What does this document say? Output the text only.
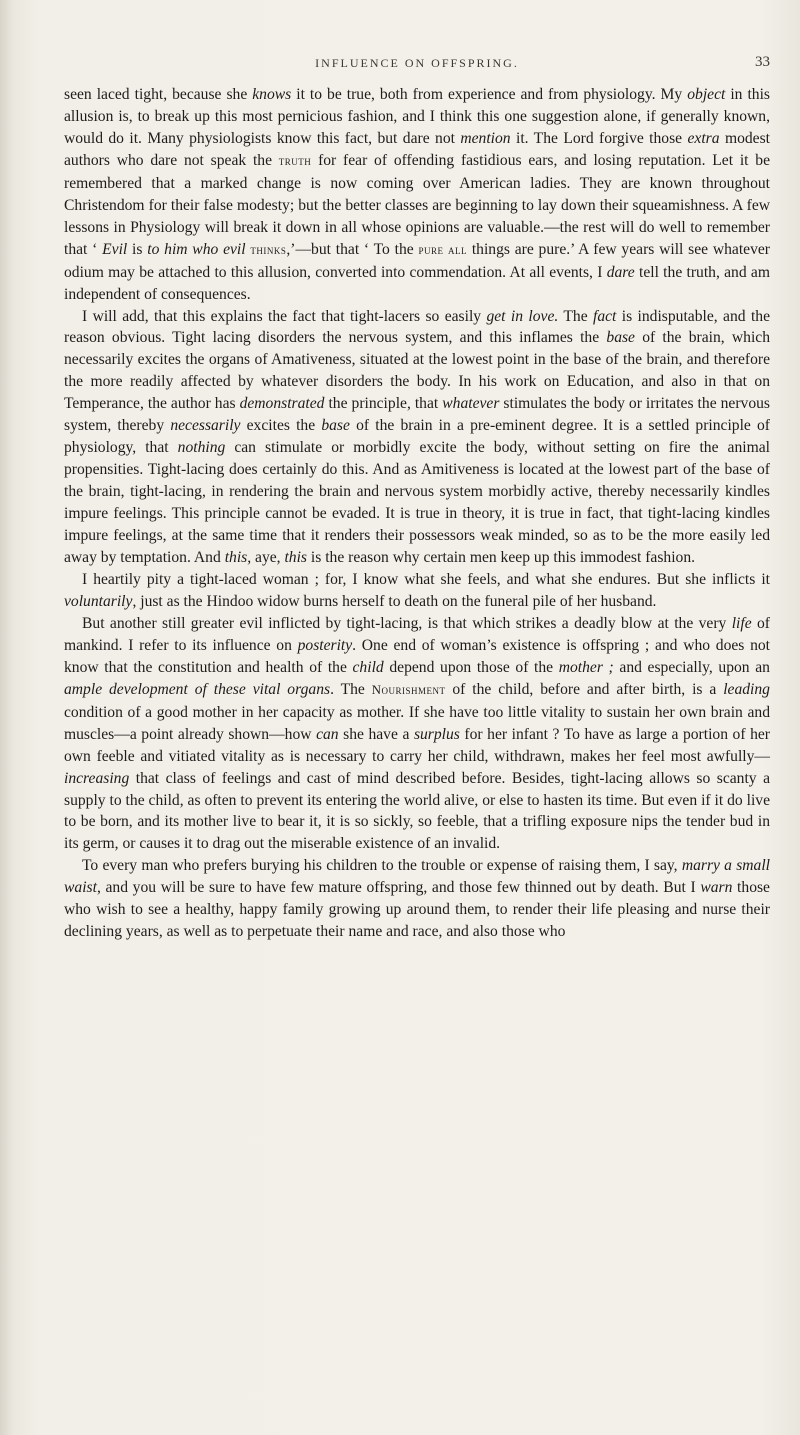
INFLUENCE ON OFFSPRING.	33

seen laced tight, because she knows it to be true, both from experience and from physiology. My object in this allusion is, to break up this most pernicious fashion, and I think this one suggestion alone, if generally known, would do it. Many physiologists know this fact, but dare not mention it. The Lord forgive those extra modest authors who dare not speak the truth for fear of offending fastidious ears, and losing reputation. Let it be remembered that a marked change is now coming over American ladies. They are known throughout Christendom for their false modesty; but the better classes are beginning to lay down their squeamishness. A few lessons in Physiology will break it down in all whose opinions are valuable.—the rest will do well to remember that ‘ Evil is to him who evil thinks,’—but that ‘ To the pure all things are pure.’ A few years will see whatever odium may be attached to this allusion, converted into commendation. At all events, I dare tell the truth, and am independent of consequences.

I will add, that this explains the fact that tight-lacers so easily get in love. The fact is indisputable, and the reason obvious. Tight lacing disorders the nervous system, and this inflames the base of the brain, which necessarily excites the organs of Amativeness, situated at the lowest point in the base of the brain, and therefore the more readily affected by whatever disorders the body. In his work on Education, and also in that on Temperance, the author has demonstrated the principle, that whatever stimulates the body or irritates the nervous system, thereby necessarily excites the base of the brain in a pre-eminent degree. It is a settled principle of physiology, that nothing can stimulate or morbidly excite the body, without setting on fire the animal propensities. Tight-lacing does certainly do this. And as Amitiveness is located at the lowest part of the base of the brain, tight-lacing, in rendering the brain and nervous system morbidly active, thereby necessarily kindles impure feelings. This principle cannot be evaded. It is true in theory, it is true in fact, that tight-lacing kindles impure feelings, at the same time that it renders their possessors weak minded, so as to be the more easily led away by temptation. And this, aye, this is the reason why certain men keep up this immodest fashion.

I heartily pity a tight-laced woman ; for, I know what she feels, and what she endures. But she inflicts it voluntarily, just as the Hindoo widow burns herself to death on the funeral pile of her husband.

But another still greater evil inflicted by tight-lacing, is that which strikes a deadly blow at the very life of mankind. I refer to its influence on posterity. One end of woman’s existence is offspring ; and who does not know that the constitution and health of the child depend upon those of the mother ; and especially, upon an ample development of these vital organs. The Nourishment of the child, before and after birth, is a leading condition of a good mother in her capacity as mother. If she have too little vitality to sustain her own brain and muscles—a point already shown—how can she have a surplus for her infant ? To have as large a portion of her own feeble and vitiated vitality as is necessary to carry her child, withdrawn, makes her feel most awfully— increasing that class of feelings and cast of mind described before. Besides, tight-lacing allows so scanty a supply to the child, as often to prevent its entering the world alive, or else to hasten its time. But even if it do live to be born, and its mother live to bear it, it is so sickly, so feeble, that a trifling exposure nips the tender bud in its germ, or causes it to drag out the miserable existence of an invalid.

To every man who prefers burying his children to the trouble or expense of raising them, I say, marry a small waist, and you will be sure to have few mature offspring, and those few thinned out by death. But I warn those who wish to see a healthy, happy family growing up around them, to render their life pleasing and nurse their declining years, as well as to perpetuate their name and race, and also those who
